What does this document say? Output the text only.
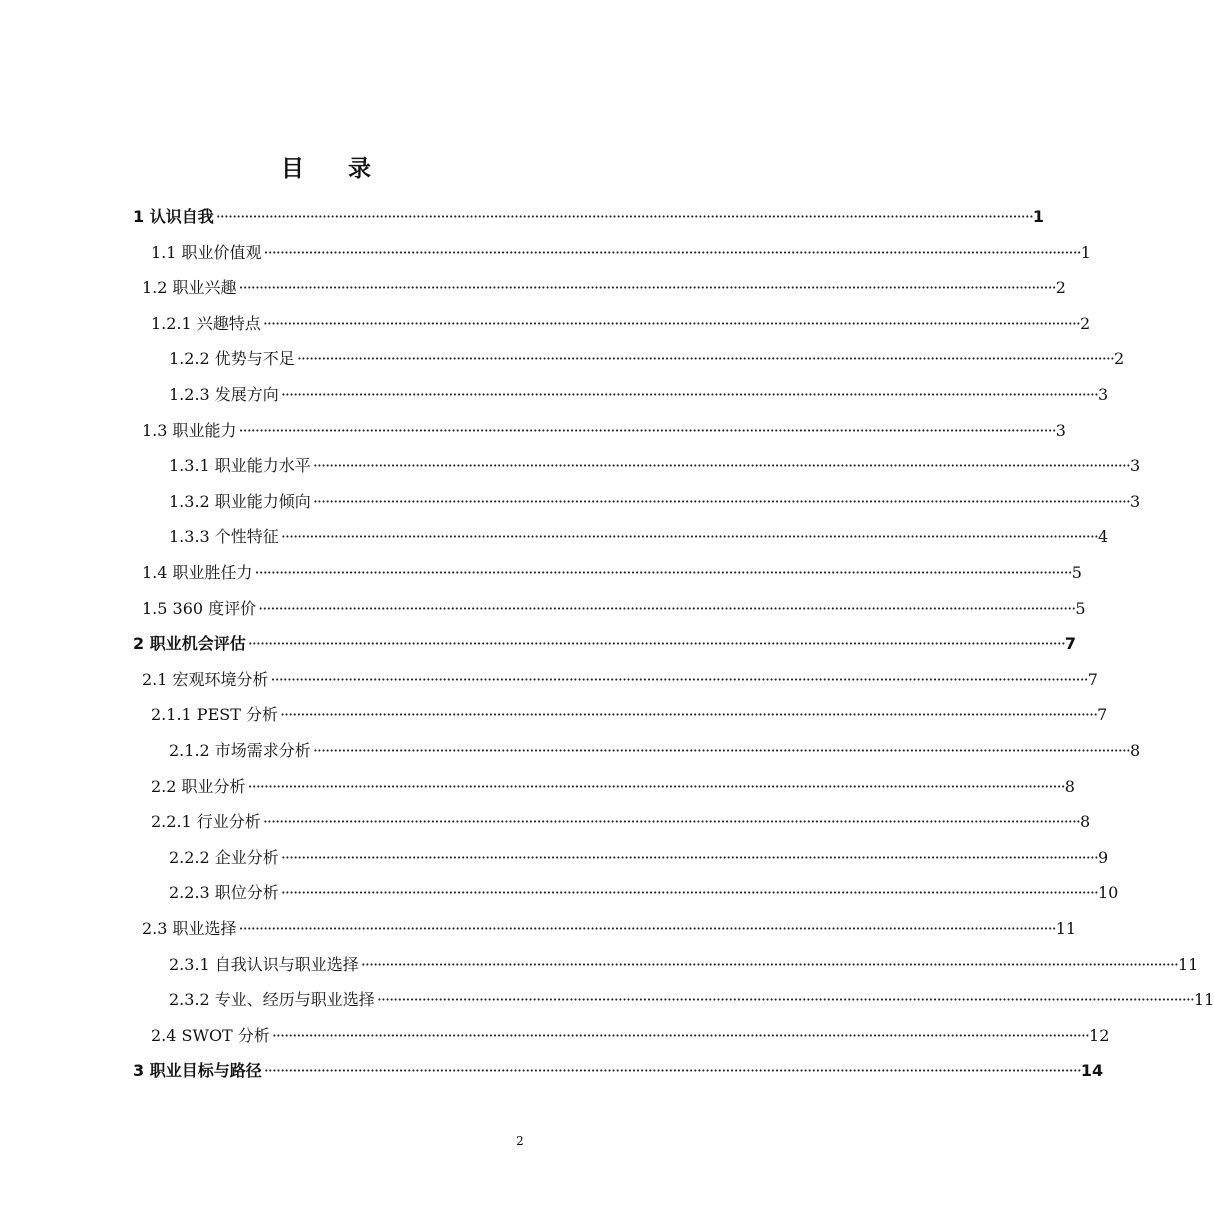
目 录
1 认识自我 ········································································································································································································ 1
1.1 职业价值观 ········································································································································································································ 1
1.2 职业兴趣 ········································································································································································································ 2
1.2.1 兴趣特点 ········································································································································································································ 2
1.2.2 优势与不足 ········································································································································································································ 2
1.2.3 发展方向 ········································································································································································································ 3
1.3 职业能力 ········································································································································································································ 3
1.3.1 职业能力水平 ········································································································································································································ 3
1.3.2 职业能力倾向 ········································································································································································································ 3
1.3.3 个性特征 ········································································································································································································ 4
1.4 职业胜任力 ········································································································································································································ 5
1.5 360 度评价 ········································································································································································································ 5
2 职业机会评估 ········································································································································································································ 7
2.1 宏观环境分析 ········································································································································································································ 7
2.1.1 PEST 分析 ········································································································································································································ 7
2.1.2 市场需求分析 ········································································································································································································ 8
2.2 职业分析 ········································································································································································································ 8
2.2.1 行业分析 ········································································································································································································ 8
2.2.2 企业分析 ········································································································································································································ 9
2.2.3 职位分析 ········································································································································································································ 10
2.3 职业选择 ········································································································································································································ 11
2.3.1 自我认识与职业选择 ········································································································································································································ 11
2.3.2 专业、经历与职业选择 ········································································································································································································ 11
2.4 SWOT 分析 ········································································································································································································ 12
3 职业目标与路径 ········································································································································································································ 14
2
